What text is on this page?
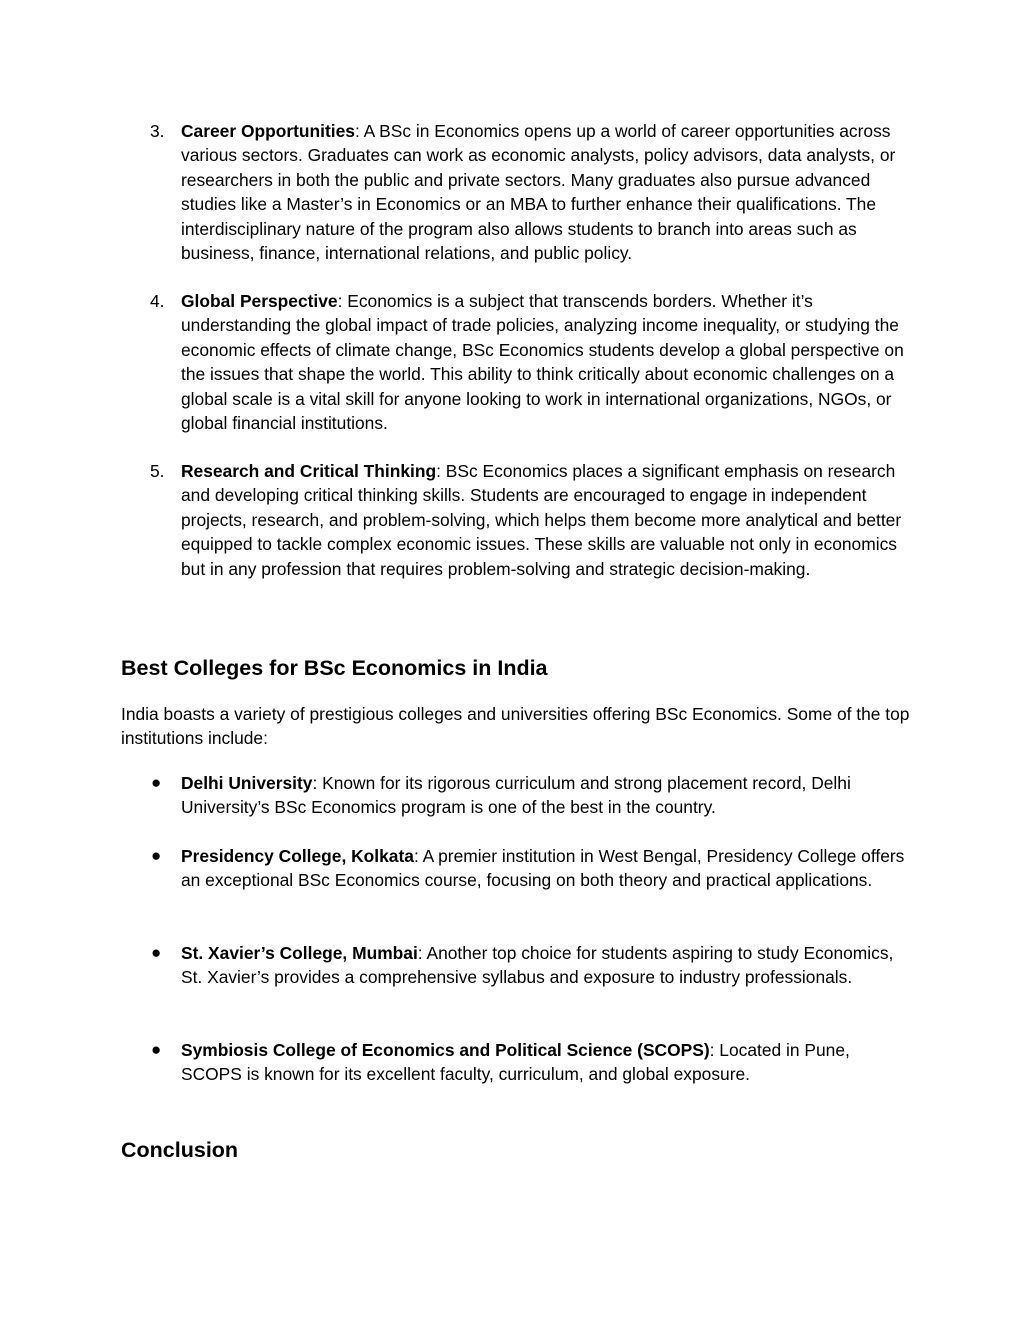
3. Career Opportunities: A BSc in Economics opens up a world of career opportunities across various sectors. Graduates can work as economic analysts, policy advisors, data analysts, or researchers in both the public and private sectors. Many graduates also pursue advanced studies like a Master’s in Economics or an MBA to further enhance their qualifications. The interdisciplinary nature of the program also allows students to branch into areas such as business, finance, international relations, and public policy.
4. Global Perspective: Economics is a subject that transcends borders. Whether it’s understanding the global impact of trade policies, analyzing income inequality, or studying the economic effects of climate change, BSc Economics students develop a global perspective on the issues that shape the world. This ability to think critically about economic challenges on a global scale is a vital skill for anyone looking to work in international organizations, NGOs, or global financial institutions.
5. Research and Critical Thinking: BSc Economics places a significant emphasis on research and developing critical thinking skills. Students are encouraged to engage in independent projects, research, and problem-solving, which helps them become more analytical and better equipped to tackle complex economic issues. These skills are valuable not only in economics but in any profession that requires problem-solving and strategic decision-making.
Best Colleges for BSc Economics in India

India boasts a variety of prestigious colleges and universities offering BSc Economics. Some of the top institutions include:

● Delhi University: Known for its rigorous curriculum and strong placement record, Delhi University’s BSc Economics program is one of the best in the country.
● Presidency College, Kolkata: A premier institution in West Bengal, Presidency College offers an exceptional BSc Economics course, focusing on both theory and practical applications.
● St. Xavier’s College, Mumbai: Another top choice for students aspiring to study Economics, St. Xavier’s provides a comprehensive syllabus and exposure to industry professionals.
● Symbiosis College of Economics and Political Science (SCOPS): Located in Pune, SCOPS is known for its excellent faculty, curriculum, and global exposure.
Conclusion
